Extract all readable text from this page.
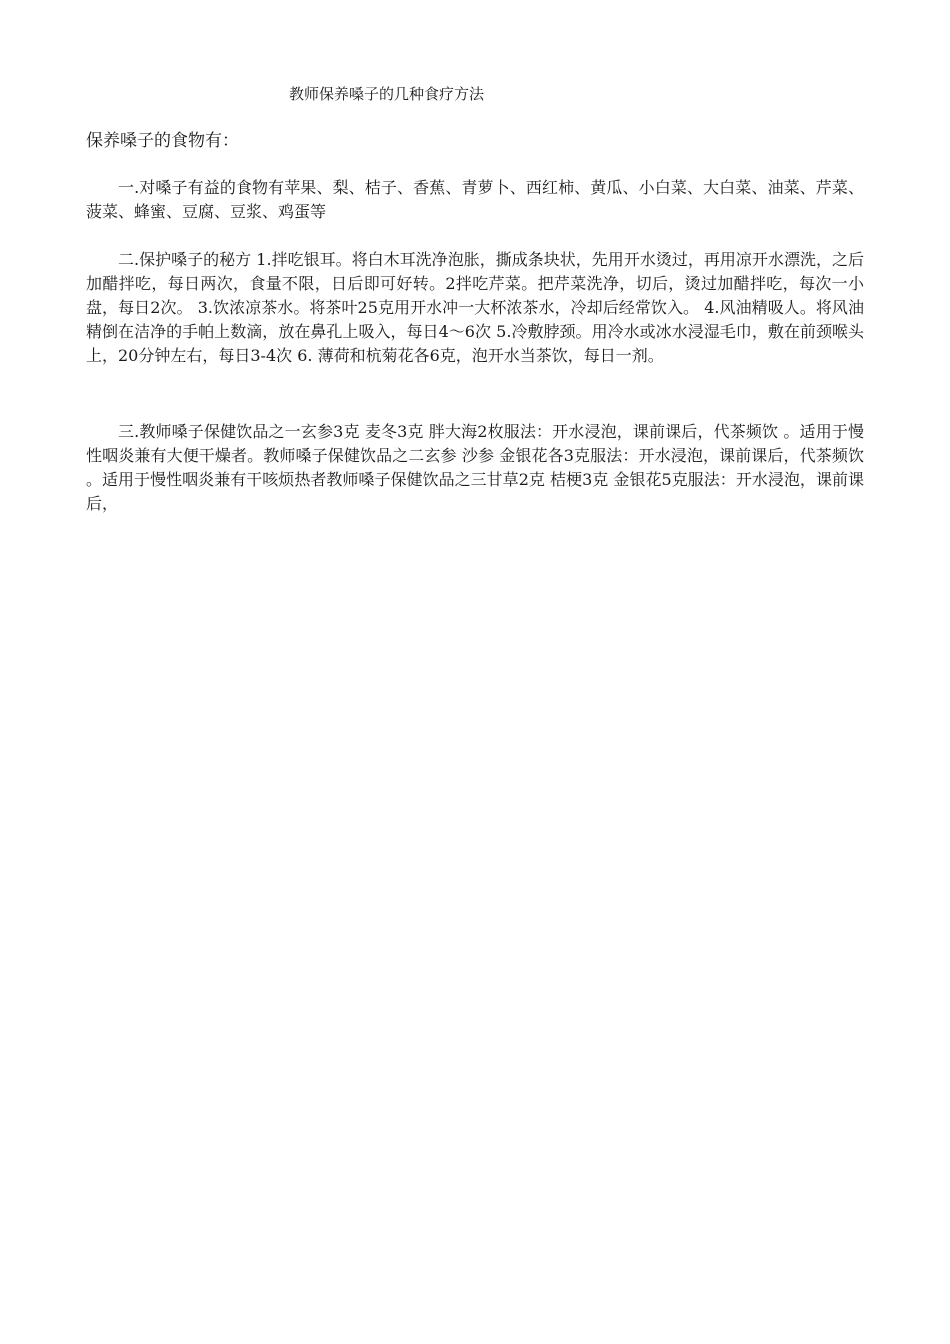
教师保养嗓子的几种食疗方法
保养嗓子的食物有：
一.对嗓子有益的食物有苹果、梨、桔子、香蕉、青萝卜、西红柿、黄瓜、小白菜、大白菜、油菜、芹菜、菠菜、蜂蜜、豆腐、豆浆、鸡蛋等
二.保护嗓子的秘方 1.拌吃银耳。将白木耳洗净泡胀，撕成条块状，先用开水烫过，再用凉开水漂洗，之后加醋拌吃，每日两次，食量不限，日后即可好转。2拌吃芹菜。把芹菜洗净，切后，烫过加醋拌吃，每次一小盘，每日2次。 3.饮浓凉茶水。将茶叶25克用开水冲一大杯浓茶水，冷却后经常饮入。 4.风油精吸人。将风油精倒在洁净的手帕上数滴，放在鼻孔上吸入，每日4～6次 5.冷敷脖颈。用冷水或冰水浸湿毛巾，敷在前颈喉头上，20分钟左右，每日3-4次 6. 薄荷和杭菊花各6克，泡开水当茶饮，每日一剂。
三.教师嗓子保健饮品之一玄参3克 麦冬3克 胖大海2枚服法：开水浸泡，课前课后，代茶频饮 。适用于慢性咽炎兼有大便干燥者。教师嗓子保健饮品之二玄参 沙参 金银花各3克服法：开水浸泡，课前课后，代茶频饮 。适用于慢性咽炎兼有干咳烦热者教师嗓子保健饮品之三甘草2克 桔梗3克 金银花5克服法：开水浸泡，课前课后，
